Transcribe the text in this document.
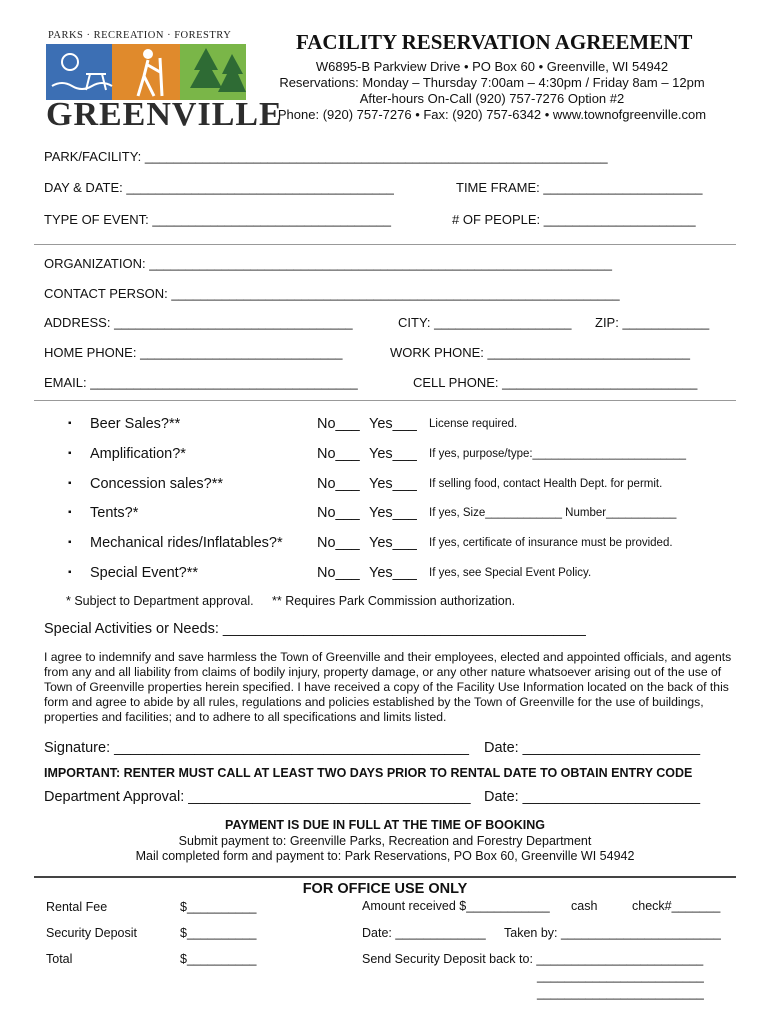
PARKS · RECREATION · FORESTRY
GREENVILLE
FACILITY RESERVATION AGREEMENT
W6895-B Parkview Drive • PO Box 60 • Greenville, WI 54942
Reservations: Monday – Thursday 7:00am – 4:30pm / Friday 8am – 12pm
After-hours On-Call (920) 757-7276 Option #2
Phone: (920) 757-7276 • Fax: (920) 757-6342 • www.townofgreenville.com
PARK/FACILITY: ________________________________________________________________
DAY & DATE: _____________________________________	TIME FRAME: ______________________
TYPE OF EVENT: _________________________________	# OF PEOPLE: _____________________
ORGANIZATION: ________________________________________________________________
CONTACT PERSON: ______________________________________________________________
ADDRESS: _________________________________	CITY: ___________________ ZIP: ____________
HOME PHONE: ____________________________	WORK PHONE: ____________________________
EMAIL: _____________________________________	CELL PHONE: ___________________________
▪ Beer Sales?**	No___ Yes___ License required.
▪ Amplification?*	No___ Yes___ If yes, purpose/type:________________________
▪ Concession sales?**	No___ Yes___ If selling food, contact Health Dept. for permit.
▪ Tents?*	No___ Yes___ If yes, Size____________ Number___________
▪ Mechanical rides/Inflatables?* No___ Yes___ If yes, certificate of insurance must be provided.
▪ Special Event?**	No___ Yes___ If yes, see Special Event Policy.
* Subject to Department approval. ** Requires Park Commission authorization.
Special Activities or Needs: _____________________________________________
I agree to indemnify and save harmless the Town of Greenville and their employees, elected and appointed officials, and agents from any and all liability from claims of bodily injury, property damage, or any other nature whatsoever arising out of the use of Town of Greenville properties herein specified. I have received a copy of the Facility Use Information located on the back of this form and agree to abide by all rules, regulations and policies established by the Town of Greenville for the use of buildings, properties and facilities; and to adhere to all specifications and limits listed.
Signature: ____________________________________________ Date: ______________________
IMPORTANT: RENTER MUST CALL AT LEAST TWO DAYS PRIOR TO RENTAL DATE TO OBTAIN ENTRY CODE
Department Approval: ___________________________________ Date: ______________________
PAYMENT IS DUE IN FULL AT THE TIME OF BOOKING
Submit payment to: Greenville Parks, Recreation and Forestry Department
Mail completed form and payment to: Park Reservations, PO Box 60, Greenville WI 54942
FOR OFFICE USE ONLY
Rental Fee	$__________	Amount received $____________ cash	check#_______
Security Deposit	$__________	Date: _____________ Taken by: _______________________
Total	$__________	Send Security Deposit back to: ________________________
________________________
________________________
